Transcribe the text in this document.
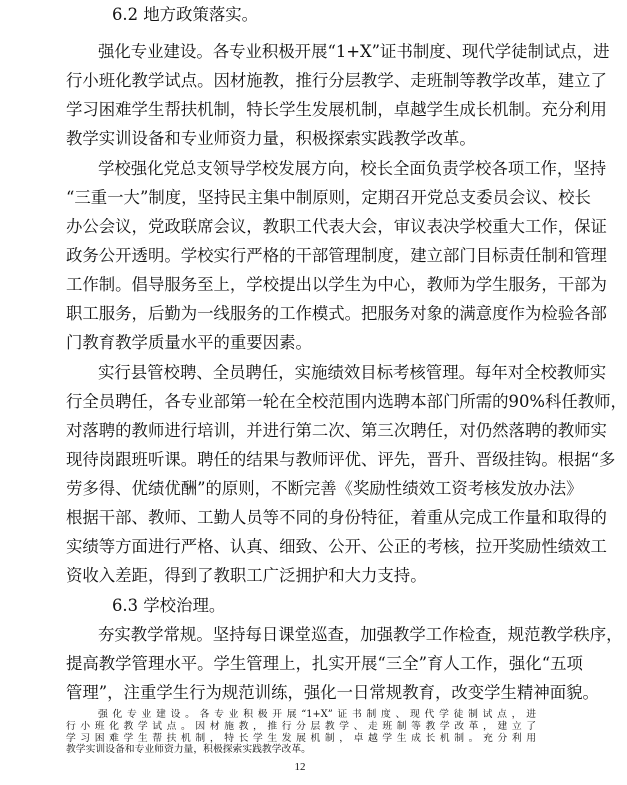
6.2 地方政策落实。
强化专业建设。各专业积极开展“1+X”证书制度、现代学徒制试点，进
行小班化教学试点。因材施教，推行分层教学、走班制等教学改革，建立了
学习困难学生帮扶机制，特长学生发展机制，卓越学生成长机制。充分利用
教学实训设备和专业师资力量，积极探索实践教学改革。
学校强化党总支领导学校发展方向，校长全面负责学校各项工作，坚持
“三重一大”制度，坚持民主集中制原则，定期召开党总支委员会议、校长
办公会议，党政联席会议，教职工代表大会，审议表决学校重大工作，保证
政务公开透明。学校实行严格的干部管理制度，建立部门目标责任制和管理
工作制。倡导服务至上，学校提出以学生为中心，教师为学生服务，干部为
职工服务，后勤为一线服务的工作模式。把服务对象的满意度作为检验各部
门教育教学质量水平的重要因素。
实行县管校聘、全员聘任，实施绩效目标考核管理。每年对全校教师实
行全员聘任，各专业部第一轮在全校范围内选聘本部门所需的90%科任教师，
对落聘的教师进行培训，并进行第二次、第三次聘任，对仍然落聘的教师实
现待岗跟班听课。聘任的结果与教师评优、评先，晋升、晋级挂钩。根据“多
劳多得、优绩优酬”的原则，不断完善《奖励性绩效工资考核发放办法》
根据干部、教师、工勤人员等不同的身份特征，着重从完成工作量和取得的
实绩等方面进行严格、认真、细致、公开、公正的考核，拉开奖励性绩效工
资收入差距，得到了教职工广泛拥护和大力支持。
6.3 学校治理。
夯实教学常规。坚持每日课堂巡查，加强教学工作检查，规范教学秩序，
提高教学管理水平。学生管理上，扎实开展“三全”育人工作，强化“五项
管理”，注重学生行为规范训练，强化一日常规教育，改变学生精神面貌。
强化专业建设。各专业积极开展“1+X”证书制度、现代学徒制试点，进
行小班化教学试点。因材施教，推行分层教学、走班制等教学改革，建立了
学习困难学生帮扶机制，特长学生发展机制，卓越学生成长机制。充分利用
教学实训设备和专业师资力量，积极探索实践教学改革。
12
